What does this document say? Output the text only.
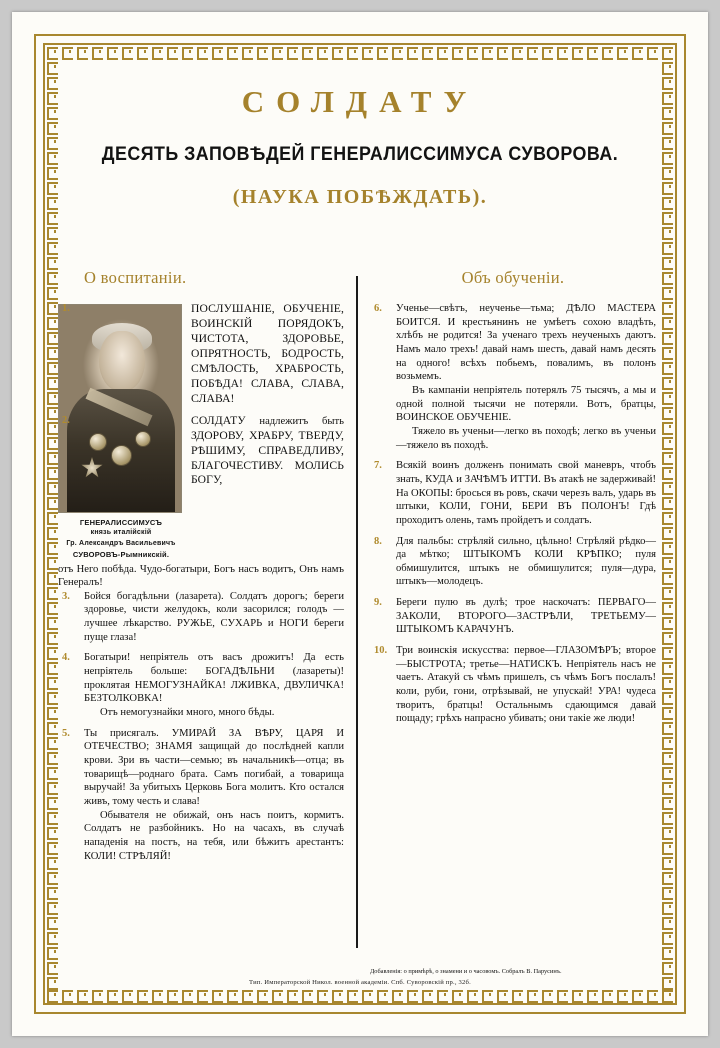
СОЛДАТУ
ДЕСЯТЬ ЗАПОВѢДЕЙ ГЕНЕРАЛИССИМУСА СУВОРОВА.
(НАУКА ПОБѢЖДАТЬ).
О воспитаніи.
ГЕНЕРАЛИССИМУСЪ
князь италійскій
Гр. Александръ Васильевичъ
СУВОРОВЪ-Рымникскій.
1.	ПОСЛУШАНІЕ, ОБУЧЕНІЕ, ВОИНСКІЙ ПОРЯДОКЪ, ЧИСТОТА, ЗДОРОВЬЕ, ОПРЯТНОСТЬ, БОДРОСТЬ, СМѢЛОСТЬ, ХРАБРОСТЬ, ПОБѢДА! СЛАВА, СЛАВА, СЛАВА!
2.	СОЛДАТУ надлежитъ быть ЗДОРОВУ, ХРАБРУ, ТВЕРДУ, РѢШИМУ, СПРАВЕДЛИВУ, БЛАГОЧЕСТИВУ. МОЛИСЬ БОГУ,
отъ Него побѣда. Чудо-богатыри, Богъ насъ водитъ, Онъ намъ Генералъ!
3. Бойся богадѣльни (лазарета). Солдатъ дорогъ; береги здоровье, чисти желудокъ, коли засорился; голодъ — лучшее лѣкарство. РУЖЬЕ, СУХАРЬ и НОГИ береги пуще глаза!
4. Богатыри! непріятель отъ васъ дрожитъ! Да есть непріятель больше: БОГАДѢЛЬНИ (лазареты)! проклятая НЕМОГУЗНАЙКА! ЛЖИВКА, ДВУЛИЧКА! БЕЗТОЛКОВКА!
Отъ немогузнайки много, много бѣды.
5. Ты присягалъ. УМИРАЙ ЗА ВѢРУ, ЦАРЯ И ОТЕЧЕСТВО; ЗНАМЯ защищай до послѣдней капли крови. Зри въ части—семью; въ начальникѣ—отца; въ товарищѣ—роднаго брата. Самъ погибай, а товарища выручай! За убитыхъ Церковь Бога молитъ. Кто остался живъ, тому честь и слава!
Обывателя не обижай, онъ насъ поитъ, кормитъ. Солдатъ не разбойникъ. Но на часахъ, въ случаѣ нападенія на постъ, на тебя, или бѣжитъ арестантъ: КОЛИ! СТРѢЛЯЙ!
Объ обученіи.
6. Ученье—свѣтъ, неученье—тьма; ДѢЛО МАСТЕРА БОИТСЯ. И крестьянинъ не умѣетъ сохою владѣть, хлѣбъ не родится! За ученаго трехъ неученыхъ даютъ. Намъ мало трехъ! давай намъ шесть, давай намъ десять на одного! всѣхъ побьемъ, повалимъ, въ полонъ возьмемъ.
Въ кампаніи непріятель потерялъ 75 тысячъ, а мы и одной полной тысячи не потеряли. Вотъ, братцы, ВОИНСКОЕ ОБУЧЕНІЕ.
Тяжело въ ученьи—легко въ походѣ; легко въ ученьи—тяжело въ походѣ.
7. Всякій воинъ долженъ понимать свой маневръ, чтобъ знать, КУДА и ЗАЧѢМЪ ИТТИ. Въ атакѣ не задерживай! На ОКОПЫ: бросься въ ровъ, скачи черезъ валъ, ударь въ штыки, КОЛИ, ГОНИ, БЕРИ ВЪ ПОЛОНЪ! Гдѣ проходитъ олень, тамъ пройдетъ и солдатъ.
8. Для пальбы: стрѣляй сильно, цѣльно! Стрѣляй рѣдко—да мѣтко; ШТЫКОМЪ КОЛИ КРѢПКО; пуля обмишулится, штыкъ не обмишулится; пуля—дура, штыкъ—молодецъ.
9. Береги пулю въ дулѣ; трое наскочатъ: ПЕРВАГО—ЗАКОЛИ, ВТОРОГО—ЗАСТРѢЛИ, ТРЕТЬЕМУ—ШТЫКОМЪ КАРАЧУНЪ.
10. Три воинскія искусства: первое—ГЛАЗОМѢРЪ; второе—БЫСТРОТА; третье—НАТИСКЪ. Непріятель насъ не чаетъ. Атакуй съ чѣмъ пришелъ, съ чѣмъ Богъ послалъ! коли, руби, гони, отрѣзывай, не упускай! УРА! чудеса творитъ, братцы! Остальнымъ сдающимся давай пощаду; грѣхъ напрасно убивать; они такіе же люди!
Добавленія: о примѣрѣ, о знамени и о часовомъ. Собралъ В. Парусинъ.
Тип. Императорской Никол. военной академіи. Спб. Суворовскій пр., 32б.
